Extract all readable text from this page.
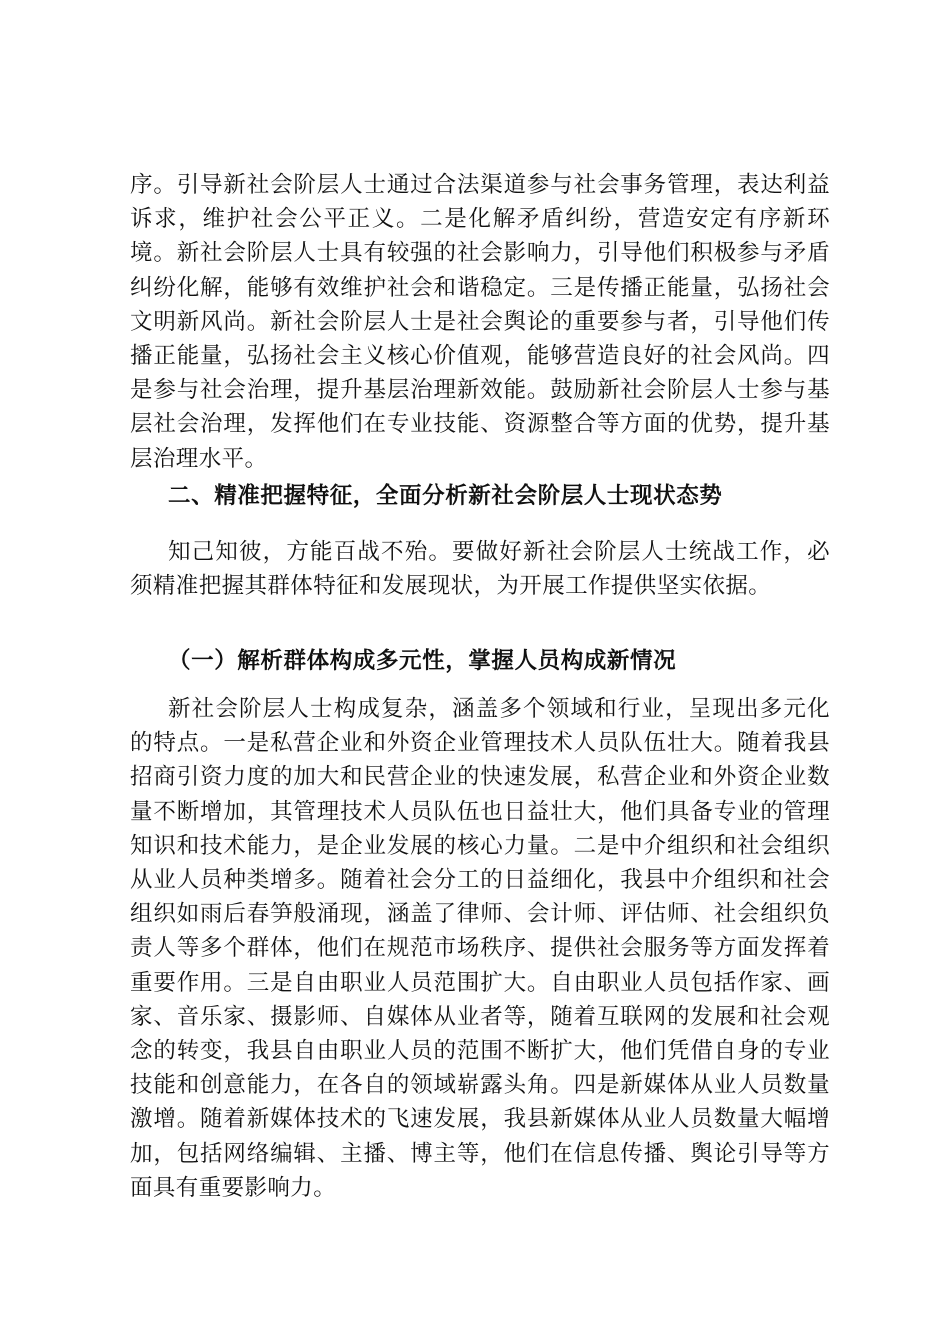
序。引导新社会阶层人士通过合法渠道参与社会事务管理，表达利益诉求，维护社会公平正义。二是化解矛盾纠纷，营造安定有序新环境。新社会阶层人士具有较强的社会影响力，引导他们积极参与矛盾纠纷化解，能够有效维护社会和谐稳定。三是传播正能量，弘扬社会文明新风尚。新社会阶层人士是社会舆论的重要参与者，引导他们传播正能量，弘扬社会主义核心价值观，能够营造良好的社会风尚。四是参与社会治理，提升基层治理新效能。鼓励新社会阶层人士参与基层社会治理，发挥他们在专业技能、资源整合等方面的优势，提升基层治理水平。

二、精准把握特征，全面分析新社会阶层人士现状态势

知己知彼，方能百战不殆。要做好新社会阶层人士统战工作，必须精准把握其群体特征和发展现状，为开展工作提供坚实依据。

（一）解析群体构成多元性，掌握人员构成新情况

新社会阶层人士构成复杂，涵盖多个领域和行业，呈现出多元化的特点。一是私营企业和外资企业管理技术人员队伍壮大。随着我县招商引资力度的加大和民营企业的快速发展，私营企业和外资企业数量不断增加，其管理技术人员队伍也日益壮大，他们具备专业的管理知识和技术能力，是企业发展的核心力量。二是中介组织和社会组织从业人员种类增多。随着社会分工的日益细化，我县中介组织和社会组织如雨后春笋般涌现，涵盖了律师、会计师、评估师、社会组织负责人等多个群体，他们在规范市场秩序、提供社会服务等方面发挥着重要作用。三是自由职业人员范围扩大。自由职业人员包括作家、画家、音乐家、摄影师、自媒体从业者等，随着互联网的发展和社会观念的转变，我县自由职业人员的范围不断扩大，他们凭借自身的专业技能和创意能力，在各自的领域崭露头角。四是新媒体从业人员数量激增。随着新媒体技术的飞速发展，我县新媒体从业人员数量大幅增加，包括网络编辑、主播、博主等，他们在信息传播、舆论引导等方面具有重要影响力。
